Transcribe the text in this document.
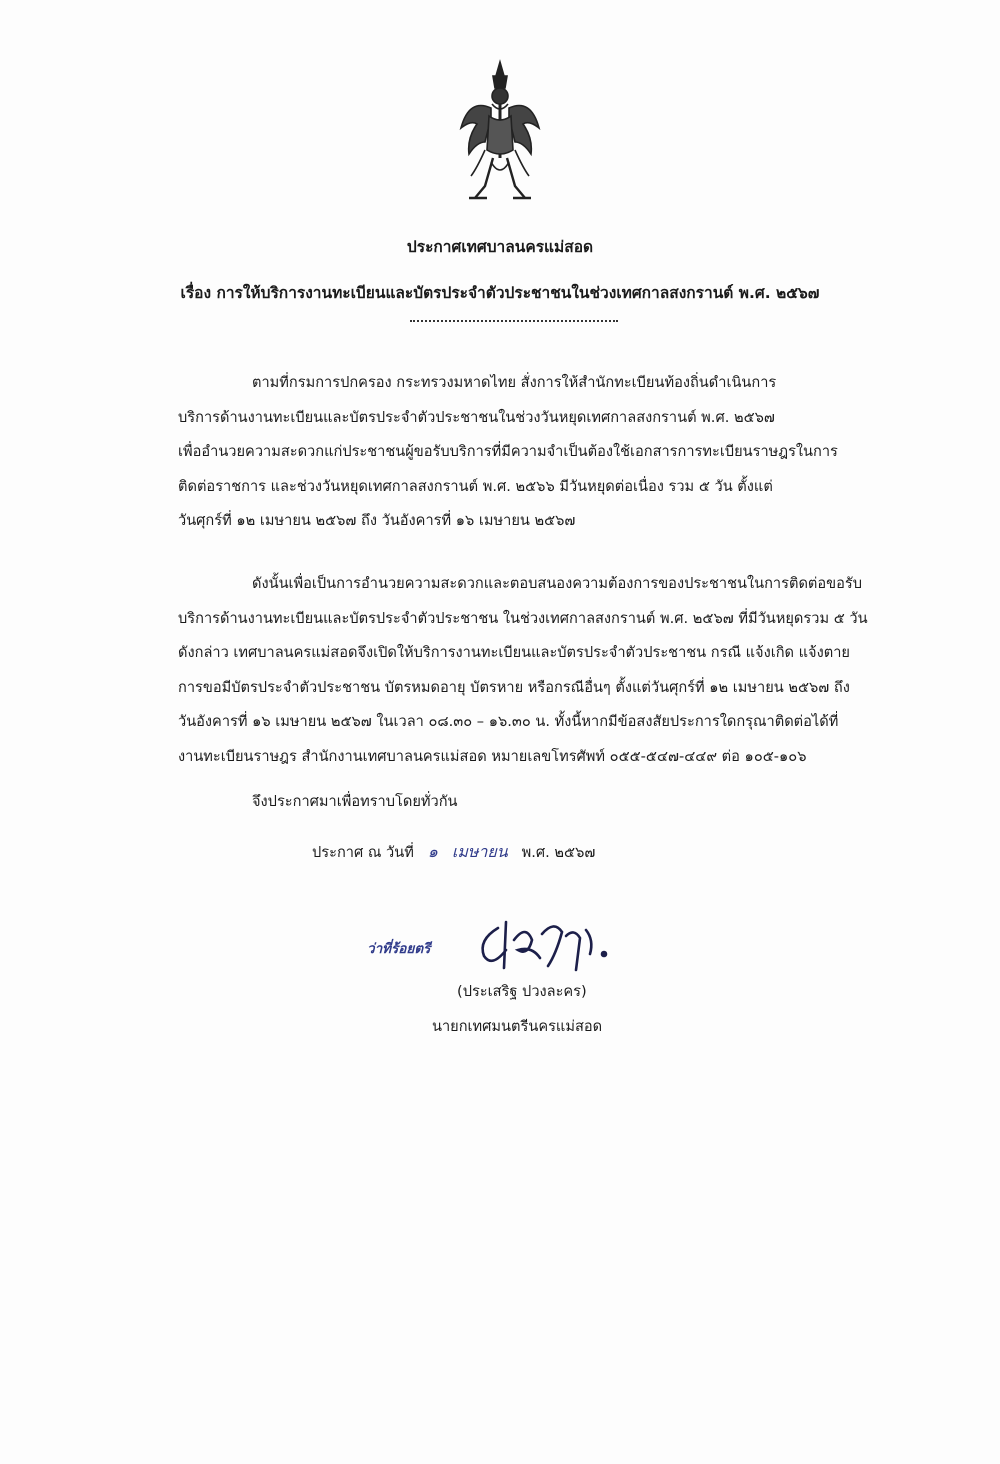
ประกาศเทศบาลนครแม่สอด
เรื่อง การให้บริการงานทะเบียนและบัตรประจำตัวประชาชนในช่วงเทศกาลสงกรานต์ พ.ศ. ๒๕๖๗
ตามที่กรมการปกครอง กระทรวงมหาดไทย สั่งการให้สำนักทะเบียนท้องถิ่นดำเนินการ
บริการด้านงานทะเบียนและบัตรประจำตัวประชาชนในช่วงวันหยุดเทศกาลสงกรานต์ พ.ศ. ๒๕๖๗
เพื่ออำนวยความสะดวกแก่ประชาชนผู้ขอรับบริการที่มีความจำเป็นต้องใช้เอกสารการทะเบียนราษฎรในการ
ติดต่อราชการ และช่วงวันหยุดเทศกาลสงกรานต์ พ.ศ. ๒๕๖๖ มีวันหยุดต่อเนื่อง รวม ๕ วัน ตั้งแต่
วันศุกร์ที่ ๑๒ เมษายน ๒๕๖๗ ถึง วันอังคารที่ ๑๖ เมษายน ๒๕๖๗
ดังนั้นเพื่อเป็นการอำนวยความสะดวกและตอบสนองความต้องการของประชาชนในการติดต่อขอรับ
บริการด้านงานทะเบียนและบัตรประจำตัวประชาชน ในช่วงเทศกาลสงกรานต์ พ.ศ. ๒๕๖๗ ที่มีวันหยุดรวม ๕ วัน
ดังกล่าว เทศบาลนครแม่สอดจึงเปิดให้บริการงานทะเบียนและบัตรประจำตัวประชาชน กรณี แจ้งเกิด แจ้งตาย
การขอมีบัตรประจำตัวประชาชน บัตรหมดอายุ บัตรหาย หรือกรณีอื่นๆ ตั้งแต่วันศุกร์ที่ ๑๒ เมษายน ๒๕๖๗ ถึง
วันอังคารที่ ๑๖ เมษายน ๒๕๖๗ ในเวลา ๐๘.๓๐ – ๑๖.๓๐ น. ทั้งนี้หากมีข้อสงสัยประการใดกรุณาติดต่อได้ที่
งานทะเบียนราษฎร สำนักงานเทศบาลนครแม่สอด หมายเลขโทรศัพท์ ๐๕๕-๕๔๗-๔๔๙ ต่อ ๑๐๕-๑๐๖
จึงประกาศมาเพื่อทราบโดยทั่วกัน
ประกาศ ณ วันที่ ๑ เมษายน พ.ศ. ๒๕๖๗
ว่าที่ร้อยตรี
(ประเสริฐ ปวงละคร)
นายกเทศมนตรีนครแม่สอด
